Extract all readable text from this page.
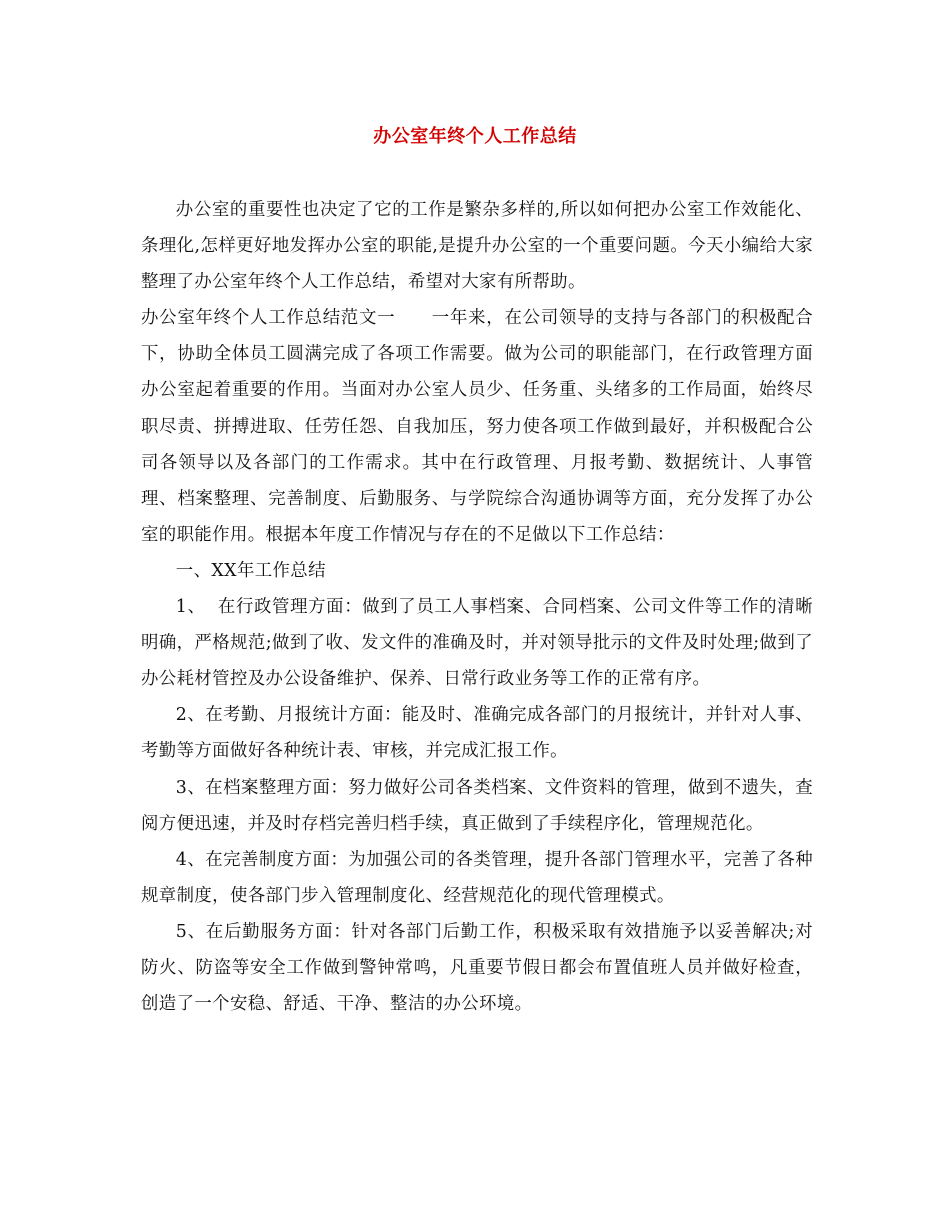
办公室年终个人工作总结

办公室的重要性也决定了它的工作是繁杂多样的,所以如何把办公室工作效能化、条理化,怎样更好地发挥办公室的职能,是提升办公室的一个重要问题。今天小编给大家整理了办公室年终个人工作总结，希望对大家有所帮助。

办公室年终个人工作总结范文一 一年来，在公司领导的支持与各部门的积极配合下，协助全体员工圆满完成了各项工作需要。做为公司的职能部门，在行政管理方面办公室起着重要的作用。当面对办公室人员少、任务重、头绪多的工作局面，始终尽职尽责、拼搏进取、任劳任怨、自我加压，努力使各项工作做到最好，并积极配合公司各领导以及各部门的工作需求。其中在行政管理、月报考勤、数据统计、人事管理、档案整理、完善制度、后勤服务、与学院综合沟通协调等方面，充分发挥了办公室的职能作用。根据本年度工作情况与存在的不足做以下工作总结：

一、XX年工作总结

1、  在行政管理方面：做到了员工人事档案、合同档案、公司文件等工作的清晰明确，严格规范;做到了收、发文件的准确及时，并对领导批示的文件及时处理;做到了办公耗材管控及办公设备维护、保养、日常行政业务等工作的正常有序。

2、在考勤、月报统计方面：能及时、准确完成各部门的月报统计，并针对人事、考勤等方面做好各种统计表、审核，并完成汇报工作。

3、在档案整理方面：努力做好公司各类档案、文件资料的管理，做到不遗失，查阅方便迅速，并及时存档完善归档手续，真正做到了手续程序化，管理规范化。

4、在完善制度方面：为加强公司的各类管理，提升各部门管理水平，完善了各种规章制度，使各部门步入管理制度化、经营规范化的现代管理模式。

5、在后勤服务方面：针对各部门后勤工作，积极采取有效措施予以妥善解决;对防火、防盗等安全工作做到警钟常鸣，凡重要节假日都会布置值班人员并做好检查，创造了一个安稳、舒适、干净、整洁的办公环境。
